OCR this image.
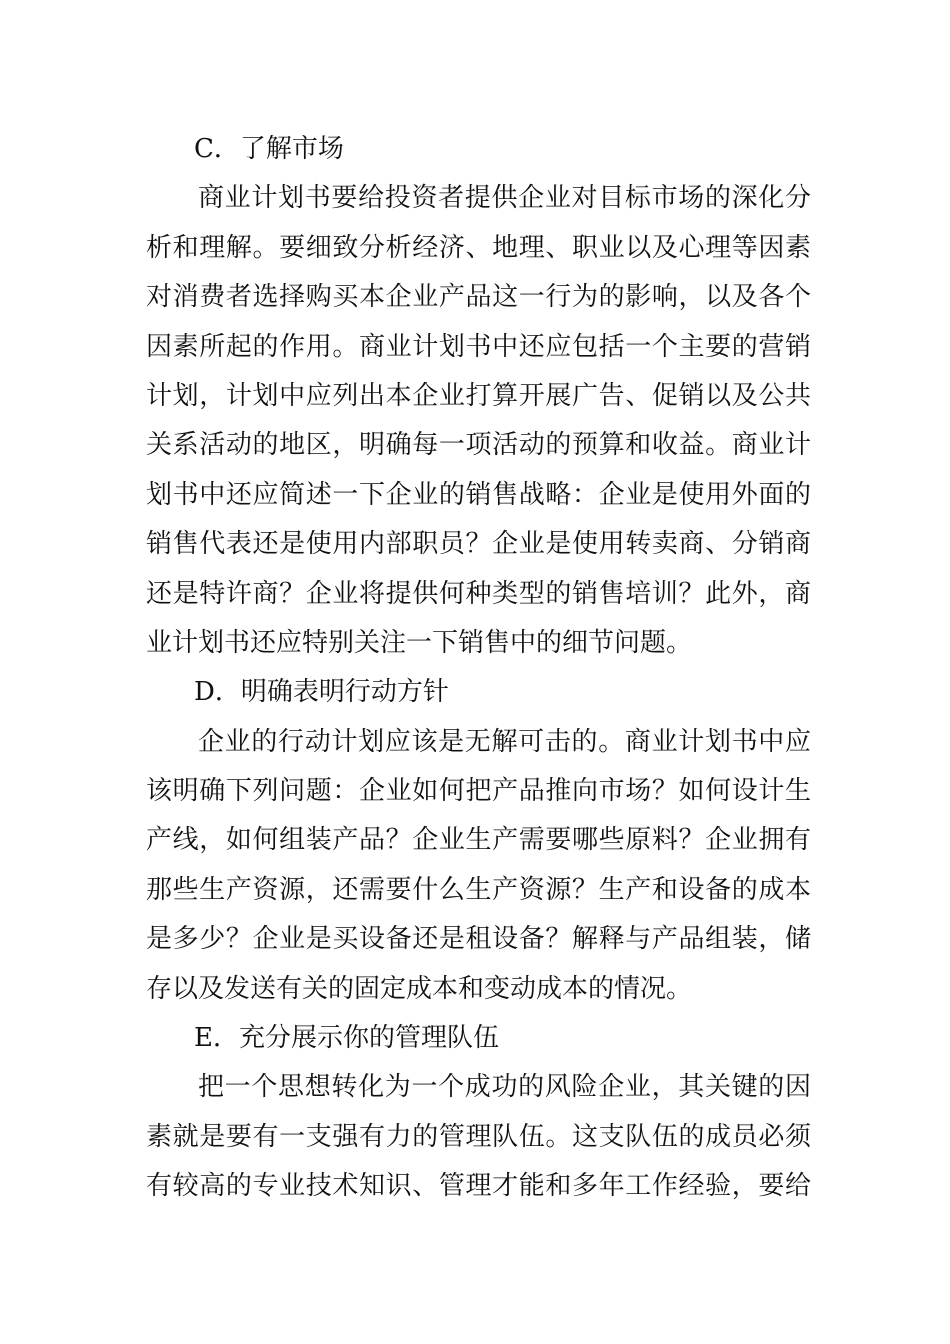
C．了解市场
商业计划书要给投资者提供企业对目标市场的深化分
析和理解。要细致分析经济、地理、职业以及心理等因素
对消费者选择购买本企业产品这一行为的影响，以及各个
因素所起的作用。商业计划书中还应包括一个主要的营销
计划，计划中应列出本企业打算开展广告、促销以及公共
关系活动的地区，明确每一项活动的预算和收益。商业计
划书中还应简述一下企业的销售战略：企业是使用外面的
销售代表还是使用内部职员？企业是使用转卖商、分销商
还是特许商？企业将提供何种类型的销售培训？此外，商
业计划书还应特别关注一下销售中的细节问题。
D．明确表明行动方针
企业的行动计划应该是无解可击的。商业计划书中应
该明确下列问题：企业如何把产品推向市场？如何设计生
产线，如何组装产品？企业生产需要哪些原料？企业拥有
那些生产资源，还需要什么生产资源？生产和设备的成本
是多少？企业是买设备还是租设备？解释与产品组装，储
存以及发送有关的固定成本和变动成本的情况。
E．充分展示你的管理队伍
把一个思想转化为一个成功的风险企业，其关键的因
素就是要有一支强有力的管理队伍。这支队伍的成员必须
有较高的专业技术知识、管理才能和多年工作经验，要给
